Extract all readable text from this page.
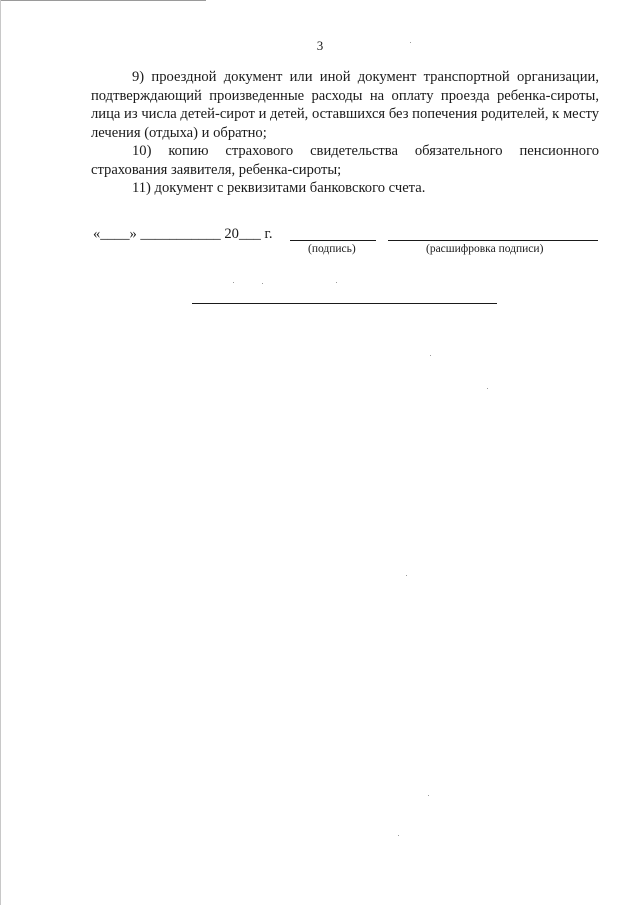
3

9) проездной документ или иной документ транспортной организации, подтверждающий произведенные расходы на оплату проезда ребенка-сироты, лица из числа детей-сирот и детей, оставшихся без попечения родителей, к месту лечения (отдыха) и обратно;

10) копию страхового свидетельства обязательного пенсионного страхования заявителя, ребенка-сироты;

11) документ с реквизитами банковского счета.

«____» ___________ 20___ г.
(подпись)	(расшифровка подписи)
